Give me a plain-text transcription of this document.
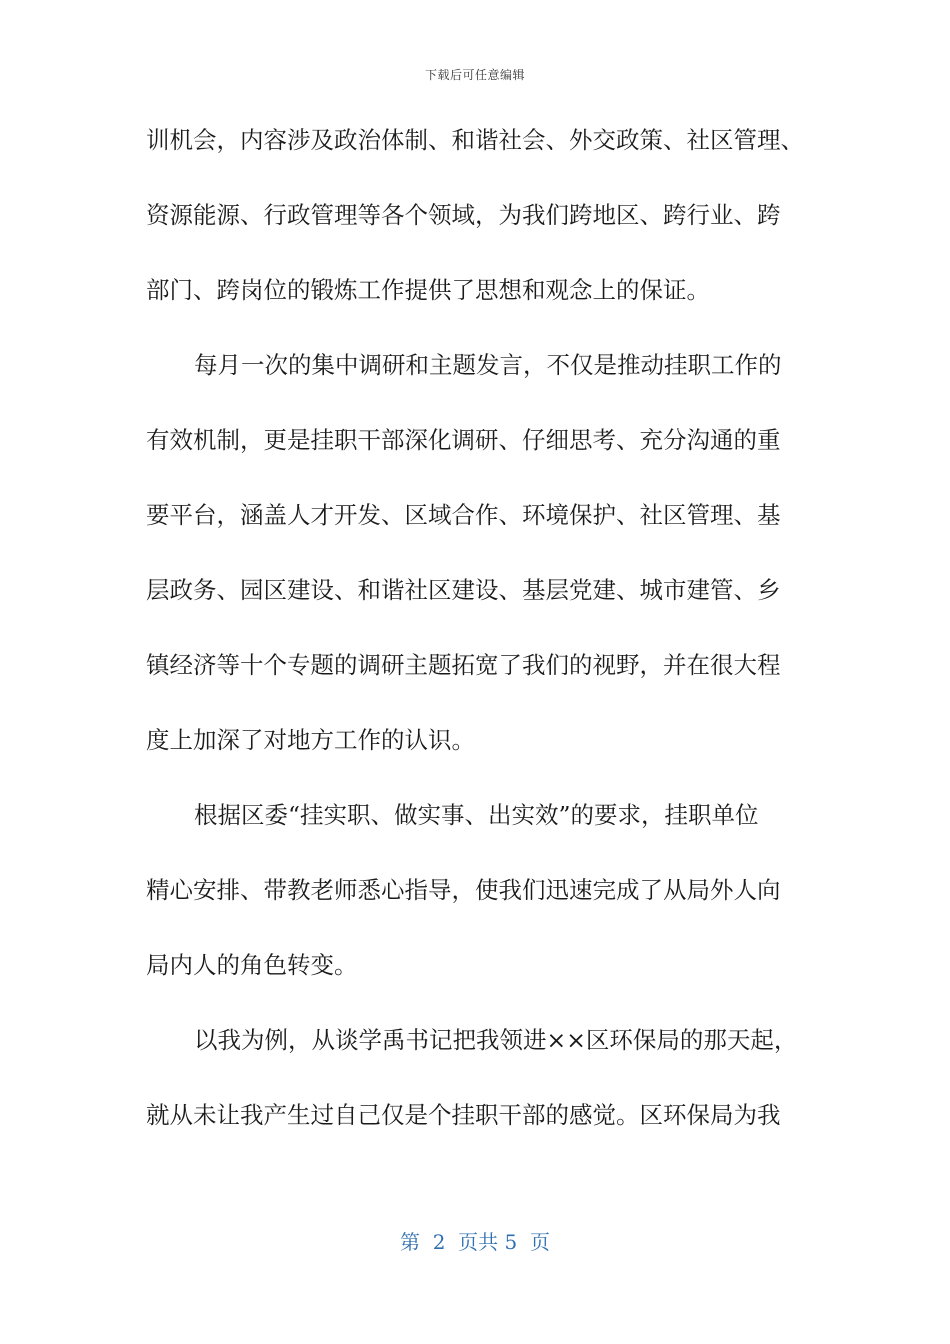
下载后可任意编辑
训机会，内容涉及政治体制、和谐社会、外交政策、社区管理、
资源能源、行政管理等各个领域，为我们跨地区、跨行业、跨
部门、跨岗位的锻炼工作提供了思想和观念上的保证。
每月一次的集中调研和主题发言，不仅是推动挂职工作的
有效机制，更是挂职干部深化调研、仔细思考、充分沟通的重
要平台，涵盖人才开发、区域合作、环境保护、社区管理、基
层政务、园区建设、和谐社区建设、基层党建、城市建管、乡
镇经济等十个专题的调研主题拓宽了我们的视野，并在很大程
度上加深了对地方工作的认识。
根据区委“挂实职、做实事、出实效”的要求，挂职单位
精心安排、带教老师悉心指导，使我们迅速完成了从局外人向
局内人的角色转变。
以我为例，从谈学禹书记把我领进××区环保局的那天起，
就从未让我产生过自己仅是个挂职干部的感觉。区环保局为我
第  2  页共 5  页
